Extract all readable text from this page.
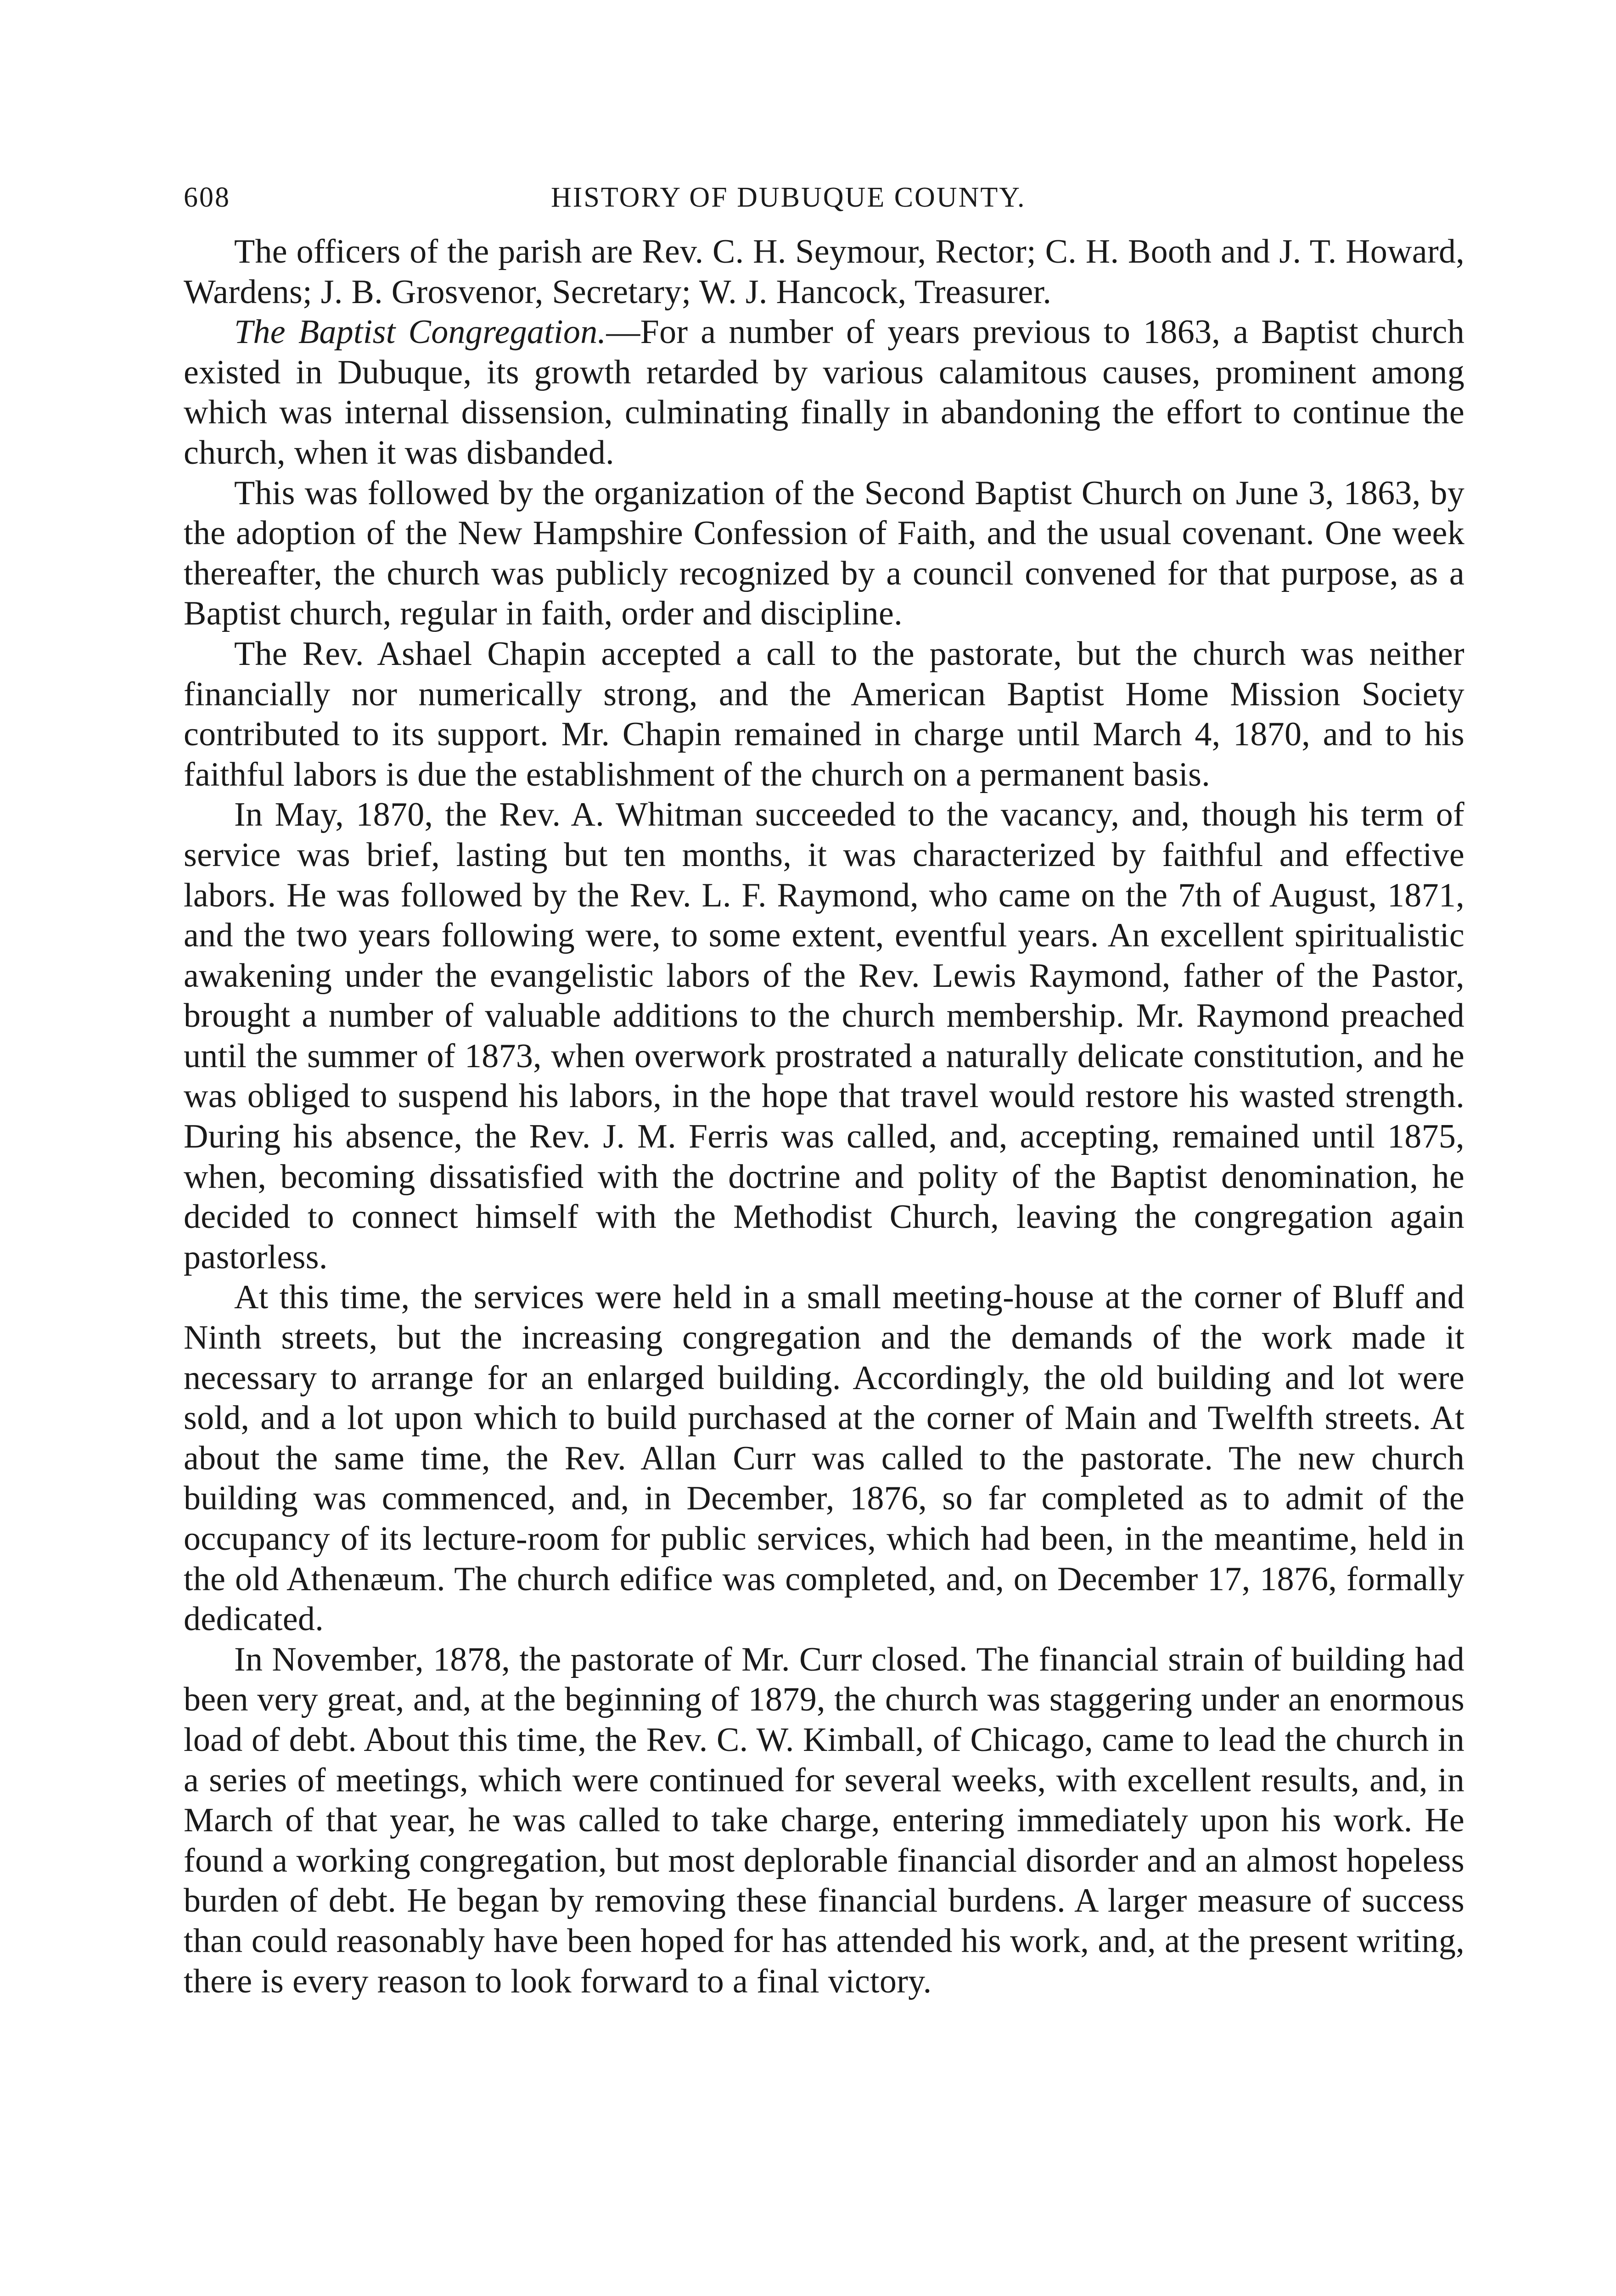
608	HISTORY OF DUBUQUE COUNTY.

The officers of the parish are Rev. C. H. Seymour, Rector; C. H. Booth and J. T. Howard, Wardens; J. B. Grosvenor, Secretary; W. J. Hancock, Treasurer.

The Baptist Congregation.—For a number of years previous to 1863, a Baptist church existed in Dubuque, its growth retarded by various calamitous causes, prominent among which was internal dissension, culminating finally in abandoning the effort to continue the church, when it was disbanded.

This was followed by the organization of the Second Baptist Church on June 3, 1863, by the adoption of the New Hampshire Confession of Faith, and the usual covenant. One week thereafter, the church was publicly recognized by a council convened for that purpose, as a Baptist church, regular in faith, order and discipline.

The Rev. Ashael Chapin accepted a call to the pastorate, but the church was neither financially nor numerically strong, and the American Baptist Home Mission Society contributed to its support. Mr. Chapin remained in charge until March 4, 1870, and to his faithful labors is due the establishment of the church on a permanent basis.

In May, 1870, the Rev. A. Whitman succeeded to the vacancy, and, though his term of service was brief, lasting but ten months, it was characterized by faithful and effective labors. He was followed by the Rev. L. F. Raymond, who came on the 7th of August, 1871, and the two years following were, to some extent, eventful years. An excellent spiritualistic awakening under the evangelistic labors of the Rev. Lewis Raymond, father of the Pastor, brought a number of valuable additions to the church membership. Mr. Raymond preached until the summer of 1873, when overwork prostrated a naturally delicate constitution, and he was obliged to suspend his labors, in the hope that travel would restore his wasted strength. During his absence, the Rev. J. M. Ferris was called, and, accepting, remained until 1875, when, becoming dissatisfied with the doctrine and polity of the Baptist denomination, he decided to connect himself with the Methodist Church, leaving the congregation again pastorless.

At this time, the services were held in a small meeting-house at the corner of Bluff and Ninth streets, but the increasing congregation and the demands of the work made it necessary to arrange for an enlarged building. Accordingly, the old building and lot were sold, and a lot upon which to build purchased at the corner of Main and Twelfth streets. At about the same time, the Rev. Allan Curr was called to the pastorate. The new church building was commenced, and, in December, 1876, so far completed as to admit of the occupancy of its lecture-room for public services, which had been, in the meantime, held in the old Athenæum. The church edifice was completed, and, on December 17, 1876, formally dedicated.

In November, 1878, the pastorate of Mr. Curr closed. The financial strain of building had been very great, and, at the beginning of 1879, the church was staggering under an enormous load of debt. About this time, the Rev. C. W. Kimball, of Chicago, came to lead the church in a series of meetings, which were continued for several weeks, with excellent results, and, in March of that year, he was called to take charge, entering immediately upon his work. He found a working congregation, but most deplorable financial disorder and an almost hopeless burden of debt. He began by removing these financial burdens. A larger measure of success than could reasonably have been hoped for has attended his work, and, at the present writing, there is every reason to look forward to a final victory.
